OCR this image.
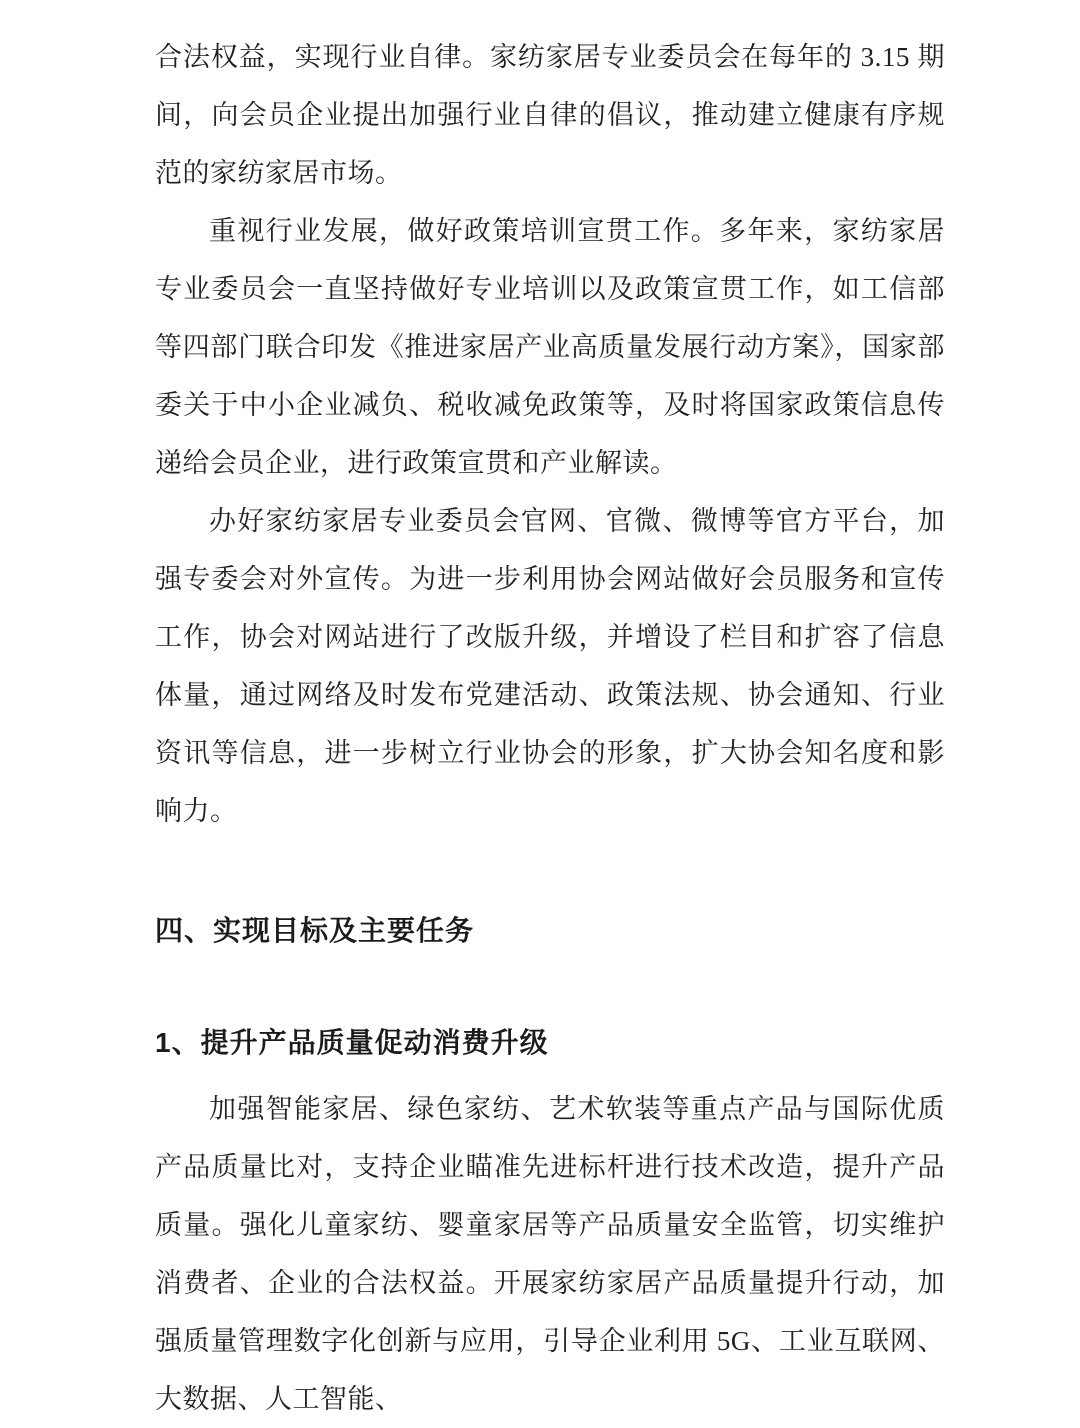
合法权益，实现行业自律。家纺家居专业委员会在每年的 3.15 期间，向会员企业提出加强行业自律的倡议，推动建立健康有序规范的家纺家居市场。

重视行业发展，做好政策培训宣贯工作。多年来，家纺家居专业委员会一直坚持做好专业培训以及政策宣贯工作，如工信部等四部门联合印发《推进家居产业高质量发展行动方案》，国家部委关于中小企业减负、税收减免政策等，及时将国家政策信息传递给会员企业，进行政策宣贯和产业解读。

办好家纺家居专业委员会官网、官微、微博等官方平台，加强专委会对外宣传。为进一步利用协会网站做好会员服务和宣传工作，协会对网站进行了改版升级，并增设了栏目和扩容了信息体量，通过网络及时发布党建活动、政策法规、协会通知、行业资讯等信息，进一步树立行业协会的形象，扩大协会知名度和影响力。

四、实现目标及主要任务
1、提升产品质量促动消费升级

加强智能家居、绿色家纺、艺术软装等重点产品与国际优质产品质量比对，支持企业瞄准先进标杆进行技术改造，提升产品质量。强化儿童家纺、婴童家居等产品质量安全监管，切实维护消费者、企业的合法权益。开展家纺家居产品质量提升行动，加强质量管理数字化创新与应用，引导企业利用 5G、工业互联网、大数据、人工智能、
